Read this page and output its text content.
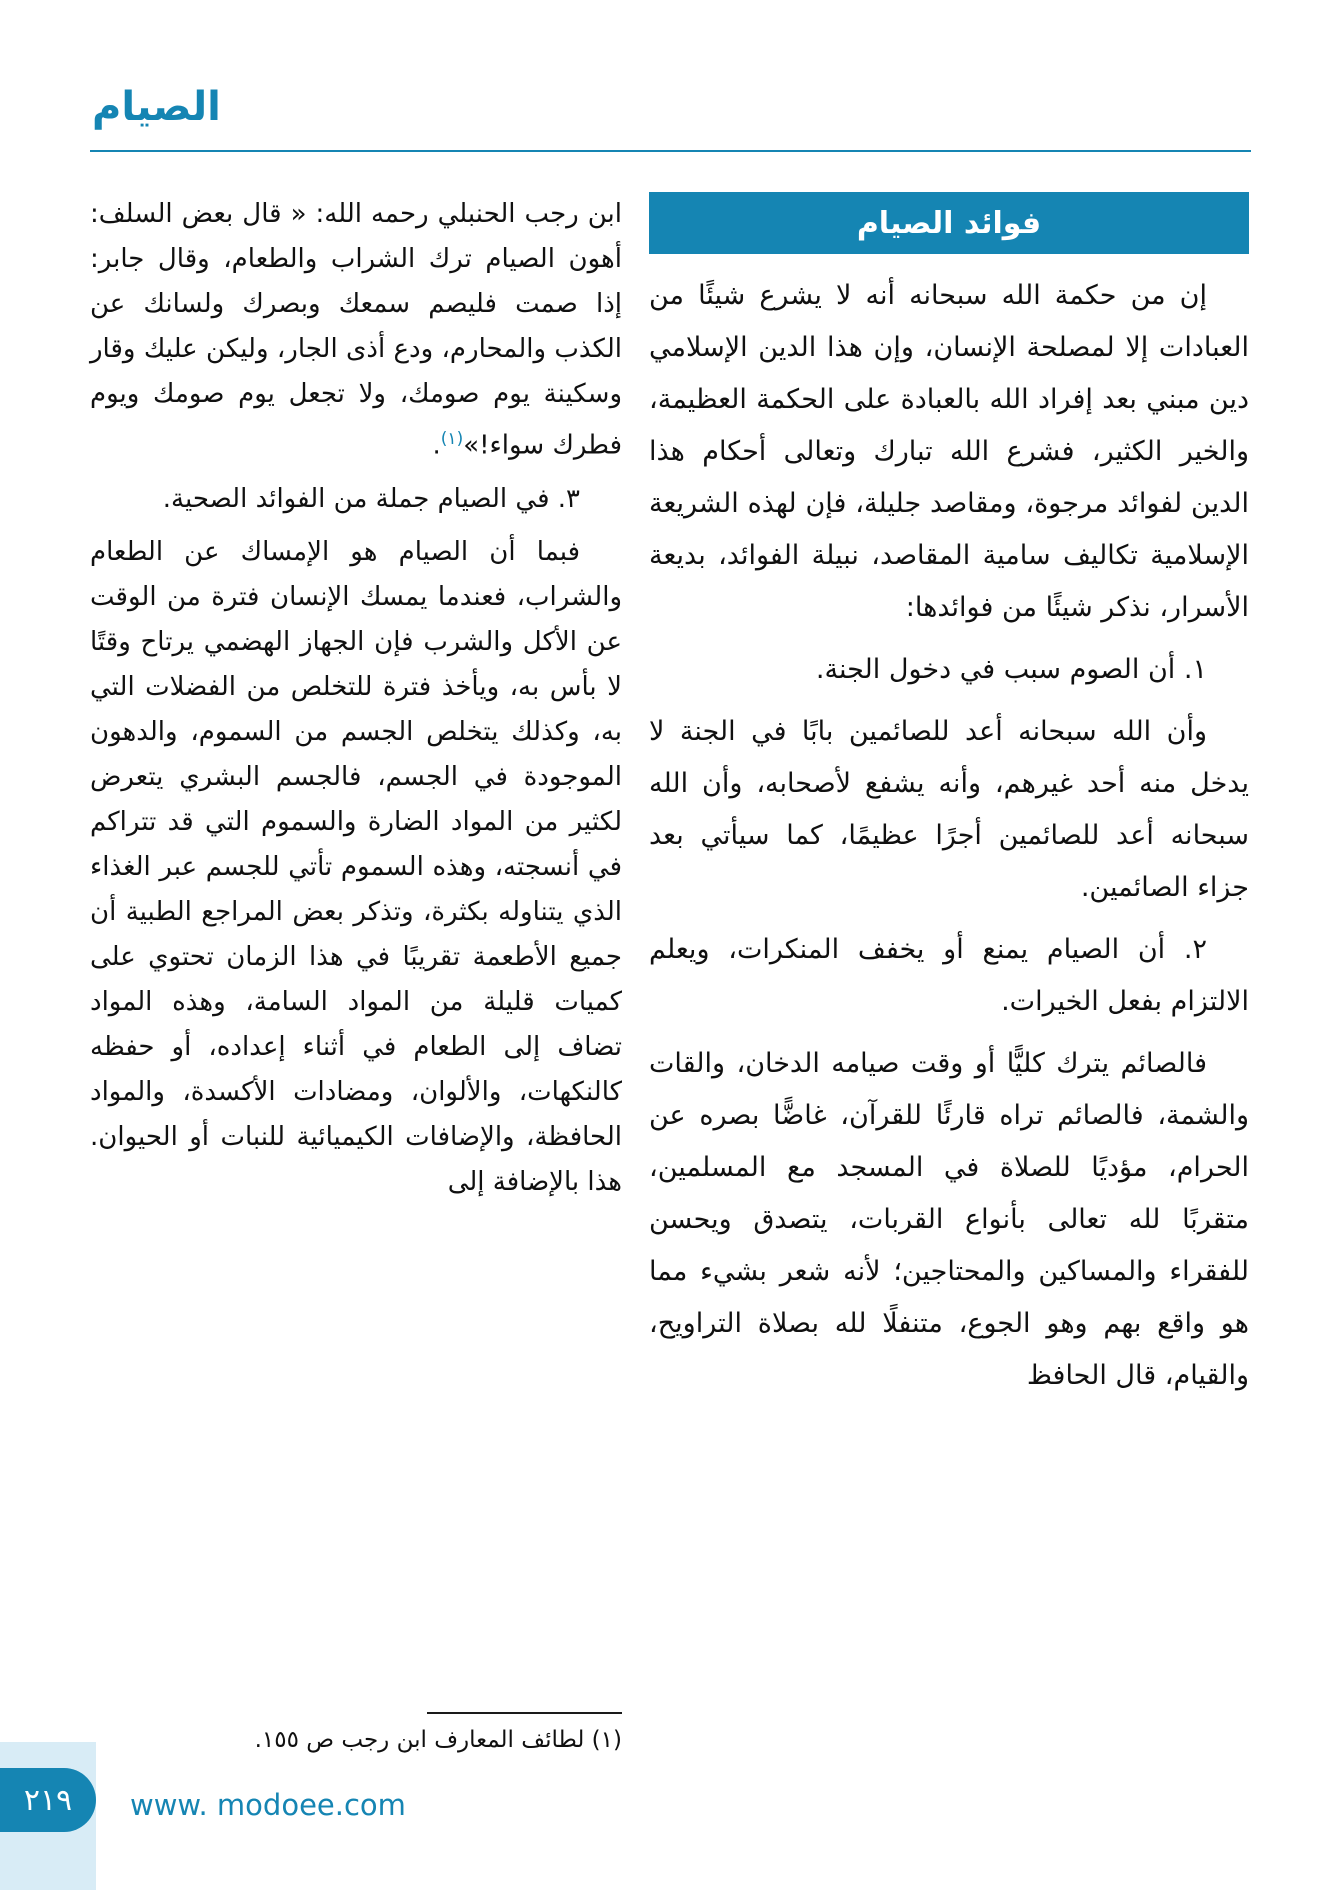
الصيام
فوائد الصيام

إن من حكمة الله سبحانه أنه لا يشرع شيئًا من العبادات إلا لمصلحة الإنسان، وإن هذا الدين الإسلامي دين مبني بعد إفراد الله بالعبادة على الحكمة العظيمة، والخير الكثير، فشرع الله تبارك وتعالى أحكام هذا الدين لفوائد مرجوة، ومقاصد جليلة، فإن لهذه الشريعة الإسلامية تكاليف سامية المقاصد، نبيلة الفوائد، بديعة الأسرار، نذكر شيئًا من فوائدها:

١. أن الصوم سبب في دخول الجنة.

وأن الله سبحانه أعد للصائمين بابًا في الجنة لا يدخل منه أحد غيرهم، وأنه يشفع لأصحابه، وأن الله سبحانه أعد للصائمين أجرًا عظيمًا، كما سيأتي بعد جزاء الصائمين.

٢. أن الصيام يمنع أو يخفف المنكرات، ويعلم الالتزام بفعل الخيرات.

فالصائم يترك كليًّا أو وقت صيامه الدخان، والقات والشمة، فالصائم تراه قارئًا للقرآن، غاضًّا بصره عن الحرام، مؤديًا للصلاة في المسجد مع المسلمين، متقربًا لله تعالى بأنواع القربات، يتصدق ويحسن للفقراء والمساكين والمحتاجين؛ لأنه شعر بشيء مما هو واقع بهم وهو الجوع، متنفلًا لله بصلاة التراويح، والقيام، قال الحافظ

ابن رجب الحنبلي رحمه الله: « قال بعض السلف: أهون الصيام ترك الشراب والطعام، وقال جابر: إذا صمت فليصم سمعك وبصرك ولسانك عن الكذب والمحارم، ودع أذى الجار، وليكن عليك وقار وسكينة يوم صومك، ولا تجعل يوم صومك ويوم فطرك سواء!»$^{(١)}$.

٣. في الصيام جملة من الفوائد الصحية.

فبما أن الصيام هو الإمساك عن الطعام والشراب، فعندما يمسك الإنسان فترة من الوقت عن الأكل والشرب فإن الجهاز الهضمي يرتاح وقتًا لا بأس به، ويأخذ فترة للتخلص من الفضلات التي به، وكذلك يتخلص الجسم من السموم، والدهون الموجودة في الجسم، فالجسم البشري يتعرض لكثير من المواد الضارة والسموم التي قد تتراكم في أنسجته، وهذه السموم تأتي للجسم عبر الغذاء الذي يتناوله بكثرة، وتذكر بعض المراجع الطبية أن جميع الأطعمة تقريبًا في هذا الزمان تحتوي على كميات قليلة من المواد السامة، وهذه المواد تضاف إلى الطعام في أثناء إعداده، أو حفظه كالنكهات، والألوان، ومضادات الأكسدة، والمواد الحافظة، والإضافات الكيميائية للنبات أو الحيوان. هذا بالإضافة إلى

(١) لطائف المعارف ابن رجب ص ١٥٥.

٢١٩ www. modoee.com
